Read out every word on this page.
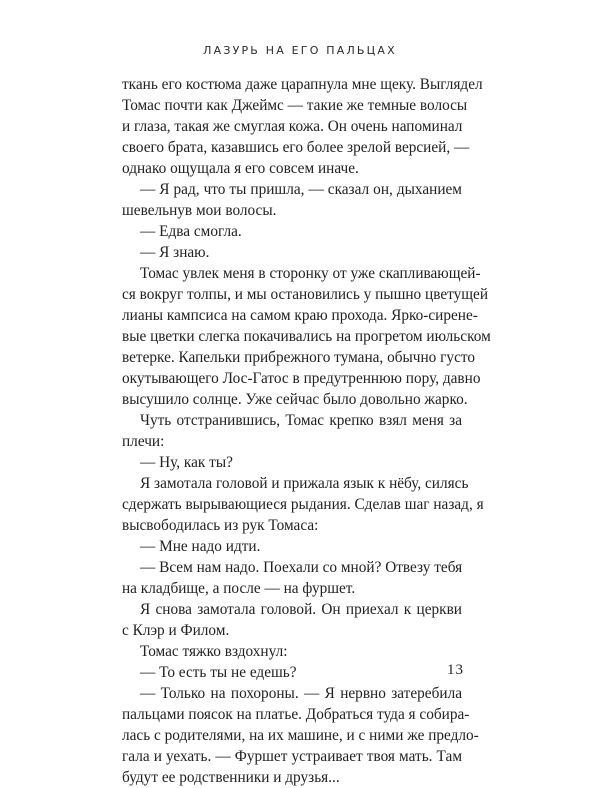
ЛАЗУРЬ НА ЕГО ПАЛЬЦАХ
ткань его костюма даже царапнула мне щеку. Выглядел
Томас почти как Джеймс — такие же темные волосы
и глаза, такая же смуглая кожа. Он очень напоминал
своего брата, казавшись его более зрелой версией, —
однако ощущала я его совсем иначе.
— Я рад, что ты пришла, — сказал он, дыханием
шевельнув мои волосы.
— Едва смогла.
— Я знаю.
Томас увлек меня в сторонку от уже скапливающей-
ся вокруг толпы, и мы остановились у пышно цветущей
лианы кампсиса на самом краю прохода. Ярко-сирене-
вые цветки слегка покачивались на прогретом июльском
ветерке. Капельки прибрежного тумана, обычно густо
окутывающего Лос-Гатос в предутреннюю пору, давно
высушило солнце. Уже сейчас было довольно жарко.
Чуть отстранившись, Томас крепко взял меня за
плечи:
— Ну, как ты?
Я замотала головой и прижала язык к нёбу, силясь
сдержать вырывающиеся рыдания. Сделав шаг назад, я
высвободилась из рук Томаса:
— Мне надо идти.
— Всем нам надо. Поехали со мной? Отвезу тебя
на кладбище, а после — на фуршет.
Я снова замотала головой. Он приехал к церкви
с Клэр и Филом.
Томас тяжко вздохнул:
— То есть ты не едешь?
— Только на похороны. — Я нервно затеребила
пальцами поясок на платье. Добраться туда я собира-
лась с родителями, на их машине, и с ними же предло-
гала и уехать. — Фуршет устраивает твоя мать. Там
будут ее родственники и друзья...
13
